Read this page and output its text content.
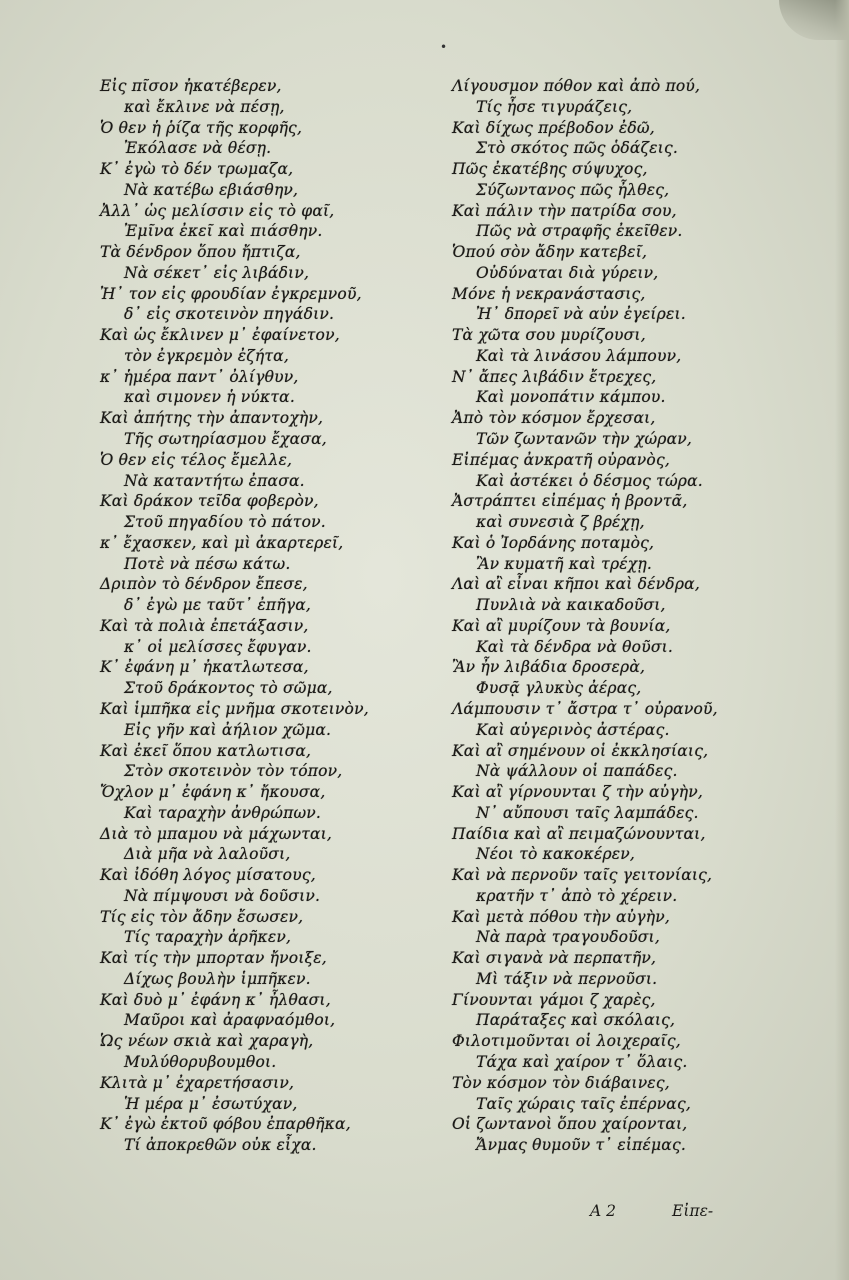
•
Εἰς πῖσον ἠκατέβερεν,
καὶ ἔκλινε νὰ πέσῃ,
Ὁ θεν ἡ ῥίζα τῆς κορφῆς,
Ἐκόλασε νὰ θέσῃ.
Κ᾽ ἐγὼ τὸ δέν τρωμαζα,
Νὰ κατέβω εβιάσθην,
Ἀλλ᾽ ὡς μελίσσιν εἰς τὸ φαῖ,
Ἐμῖνα ἐκεῖ καὶ πιάσθην.
Τὰ δένδρον ὅπου ἤπτιζα,
Νὰ σέκετ᾽ εἰς λιβάδιν,
Ἠ᾽ τον εἰς φρουδίαν ἐγκρεμνοῦ,
δ᾽ εἰς σκοτεινὸν πηγάδιν.
Καὶ ὡς ἔκλινεν μ᾽ ἐφαίνετον,
τὸν ἐγκρεμὸν ἐζήτα,
κ᾽ ἡμέρα παντ᾽ ὀλίγθυν,
καὶ σιμονεν ἡ νύκτα.
Καὶ ἀπήτης τὴν ἀπαντοχὴν,
Τῆς σωτηρίασμου ἔχασα,
Ὁ θεν εἰς τέλος ἔμελλε,
Νὰ καταντήτω ἐπασα.
Καὶ δράκον τεῖδα φοβερὸν,
Στοῦ πηγαδίου τὸ πάτον.
κ᾽ ἔχασκεν, καὶ μὶ ἀκαρτερεῖ,
Ποτὲ νὰ πέσω κάτω.
Δριπὸν τὸ δένδρον ἔπεσε,
δ᾽ ἐγὼ με ταῦτ᾽ ἐπῆγα,
Καὶ τὰ πολιὰ ἐπετάξασιν,
κ᾽ οἱ μελίσσες ἔφυγαν.
Κ᾽ ἐφάνη μ᾽ ἠκατλωτεσα,
Στοῦ δράκοντος τὸ σῶμα,
Καὶ ἱμπῆκα εἰς μνῆμα σκοτεινὸν,
Εἰς γῆν καὶ ἀήλιον χῶμα.
Καὶ ἐκεῖ ὅπου κατλωτισα,
Στὸν σκοτεινὸν τὸν τόπον,
Ὄχλον μ᾽ ἐφάνη κ᾽ ἤκουσα,
Καὶ ταραχὴν ἀνθρώπων.
Διὰ τὸ μπαμου νὰ μάχωνται,
Διὰ μῆα νὰ λαλοῦσι,
Καὶ ἰδόθη λόγος μίσατους,
Νὰ πίμψουσι νὰ δοῦσιν.
Τίς εἰς τὸν ἄδην ἔσωσεν,
Τίς ταραχὴν ἀρῆκεν,
Καὶ τίς τὴν μπορταν ἤνοιξε,
Δίχως βουλὴν ἱμπῆκεν.
Καὶ δυὸ μ᾽ ἐφάνη κ᾽ ἦλθασι,
Μαῦροι καὶ ἀραφναόμθοι,
Ὡς νέων σκιὰ καὶ χαραγὴ,
Μυλύθορυβουμθοι.
Κλιτὰ μ᾽ ἐχαρετήσασιν,
Ἡ μέρα μ᾽ ἐσωτύχαν,
Κ᾽ ἐγὼ ἐκτοῦ φόβου ἐπαρθῆκα,
Τί ἀποκρεθῶν οὐκ εἶχα.
Λίγουσμον πόθον καὶ ἀπὸ πού,
Τίς ἦσε τιγυράζεις,
Καὶ δίχως πρέβοδον ἐδῶ,
Στὸ σκότος πῶς ὁδάζεις.
Πῶς ἐκατέβης σύψυχος,
Σύζωντανος πῶς ἦλθες,
Καὶ πάλιν τὴν πατρίδα σου,
Πῶς νὰ στραφῆς ἐκεῖθεν.
Ὁπού σὸν ἄδην κατεβεῖ,
Οὐδύναται διὰ γύρειν,
Μόνε ἡ νεκρανάστασις,
Ἠ᾽ δπορεῖ νὰ αὐν ἐγείρει.
Τὰ χῶτα σου μυρίζουσι,
Καὶ τὰ λινάσου λάμπουν,
Ν᾽ ἄπες λιβάδιν ἔτρεχες,
Καὶ μονοπάτιν κάμπου.
Ἀπὸ τὸν κόσμον ἔρχεσαι,
Τῶν ζωντανῶν τὴν χώραν,
Εἰπέμας ἀνκρατῆ οὐρανὸς,
Καὶ ἀστέκει ὁ δέσμος τώρα.
Ἀστράπτει εἰπέμας ἡ βροντᾶ,
καὶ συνεσιὰ ζ βρέχῃ,
Καὶ ὁ Ἰορδάνης ποταμὸς,
Ἂν κυματῆ καὶ τρέχῃ.
Λαὶ αἲ εἶναι κῆποι καὶ δένδρα,
Πυνλιὰ νὰ καικαδοῦσι,
Καὶ αἲ μυρίζουν τὰ βουνία,
Καὶ τὰ δένδρα νὰ θοῦσι.
Ἂν ἦν λιβάδια δροσερὰ,
Φυσᾷ γλυκὺς ἀέρας,
Λάμπουσιν τ᾽ ἄστρα τ᾽ οὐρανοῦ,
Καὶ αὐγερινὸς ἀστέρας.
Καὶ αἲ σημένουν οἱ ἐκκλησίαις,
Νὰ ψάλλουν οἱ παπάδες.
Καὶ αἲ γίρνουνται ζ τὴν αὐγὴν,
Ν᾽ αὔπουσι ταῖς λαμπάδες.
Παίδια καὶ αἲ πειμαζώνουνται,
Νέοι τὸ κακοκέρεν,
Καὶ νὰ περνοῦν ταῖς γειτονίαις,
κρατῆν τ᾽ ἀπὸ τὸ χέρειν.
Καὶ μετὰ πόθου τὴν αὐγὴν,
Νὰ παρὰ τραγουδοῦσι,
Καὶ σιγανὰ νὰ περπατῆν,
Μὶ τάξιν νὰ περνοῦσι.
Γίνουνται γάμοι ζ χαρὲς,
Παράταξες καὶ σκόλαις,
Φιλοτιμοῦνται οἱ λοιχεραῖς,
Τάχα καὶ χαίρον τ᾽ ὅλαις.
Τὸν κόσμον τὸν διάβαινες,
Ταῖς χώραις ταῖς ἐπέρνας,
Οἱ ζωντανοὶ ὅπου χαίρονται,
Ἄνμας θυμοῦν τ᾽ εἰπέμας.
A 2	Εἰπε-
